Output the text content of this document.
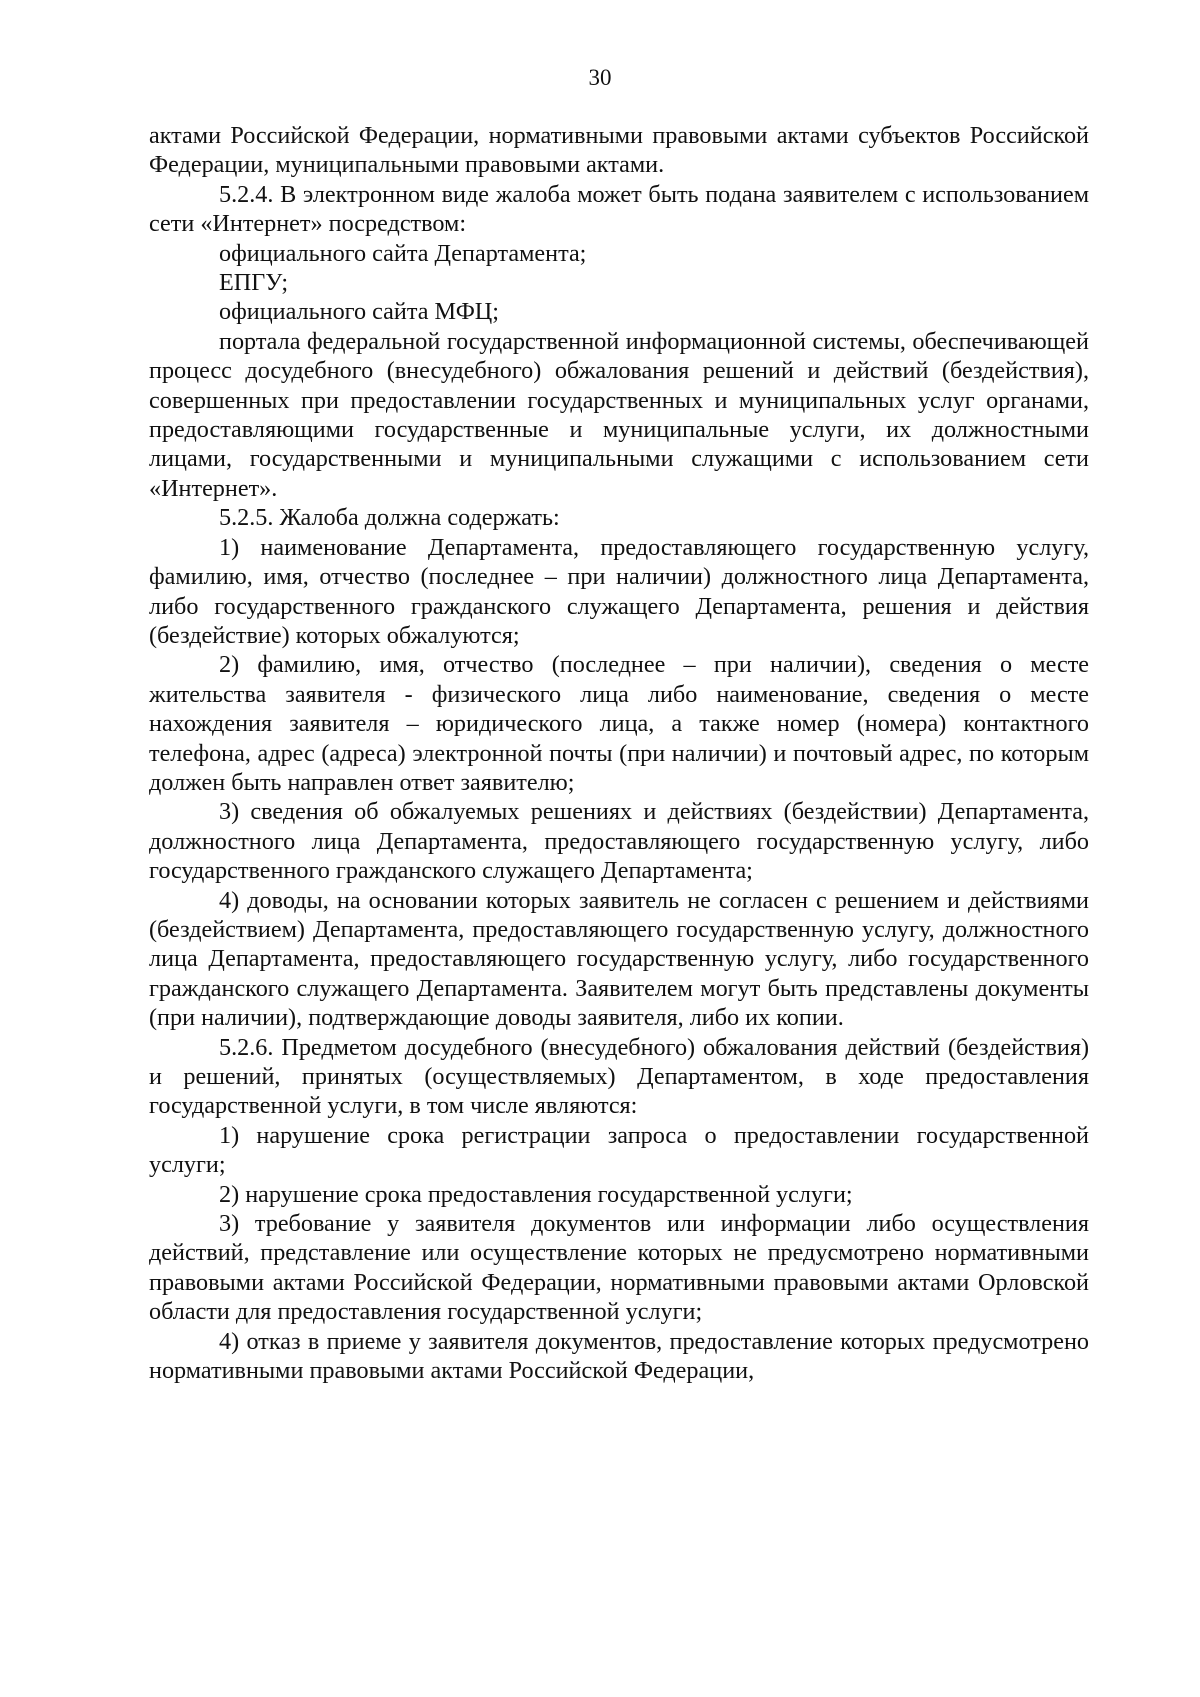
30

актами Российской Федерации, нормативными правовыми актами субъектов Российской Федерации, муниципальными правовыми актами.

5.2.4. В электронном виде жалоба может быть подана заявителем с использованием сети «Интернет» посредством:

официального сайта Департамента;

ЕПГУ;

официального сайта МФЦ;

портала федеральной государственной информационной системы, обеспечивающей процесс досудебного (внесудебного) обжалования решений и действий (бездействия), совершенных при предоставлении государственных и муниципальных услуг органами, предоставляющими государственные и муниципальные услуги, их должностными лицами, государственными и муниципальными служащими с использованием сети «Интернет».

5.2.5. Жалоба должна содержать:

1) наименование Департамента, предоставляющего государственную услугу, фамилию, имя, отчество (последнее – при наличии) должностного лица Департамента, либо государственного гражданского служащего Департамента, решения и действия (бездействие) которых обжалуются;

2) фамилию, имя, отчество (последнее – при наличии), сведения о месте жительства заявителя - физического лица либо наименование, сведения о месте нахождения заявителя – юридического лица, а также номер (номера) контактного телефона, адрес (адреса) электронной почты (при наличии) и почтовый адрес, по которым должен быть направлен ответ заявителю;

3) сведения об обжалуемых решениях и действиях (бездействии) Департамента, должностного лица Департамента, предоставляющего государственную услугу, либо государственного гражданского служащего Департамента;

4) доводы, на основании которых заявитель не согласен с решением и действиями (бездействием) Департамента, предоставляющего государственную услугу, должностного лица Департамента, предоставляющего государственную услугу, либо государственного гражданского служащего Департамента. Заявителем могут быть представлены документы (при наличии), подтверждающие доводы заявителя, либо их копии.

5.2.6. Предметом досудебного (внесудебного) обжалования действий (бездействия) и решений, принятых (осуществляемых) Департаментом, в ходе предоставления государственной услуги, в том числе являются:

1) нарушение срока регистрации запроса о предоставлении государственной услуги;

2) нарушение срока предоставления государственной услуги;

3) требование у заявителя документов или информации либо осуществления действий, представление или осуществление которых не предусмотрено нормативными правовыми актами Российской Федерации, нормативными правовыми актами Орловской области для предоставления государственной услуги;

4) отказ в приеме у заявителя документов, предоставление которых предусмотрено нормативными правовыми актами Российской Федерации,
